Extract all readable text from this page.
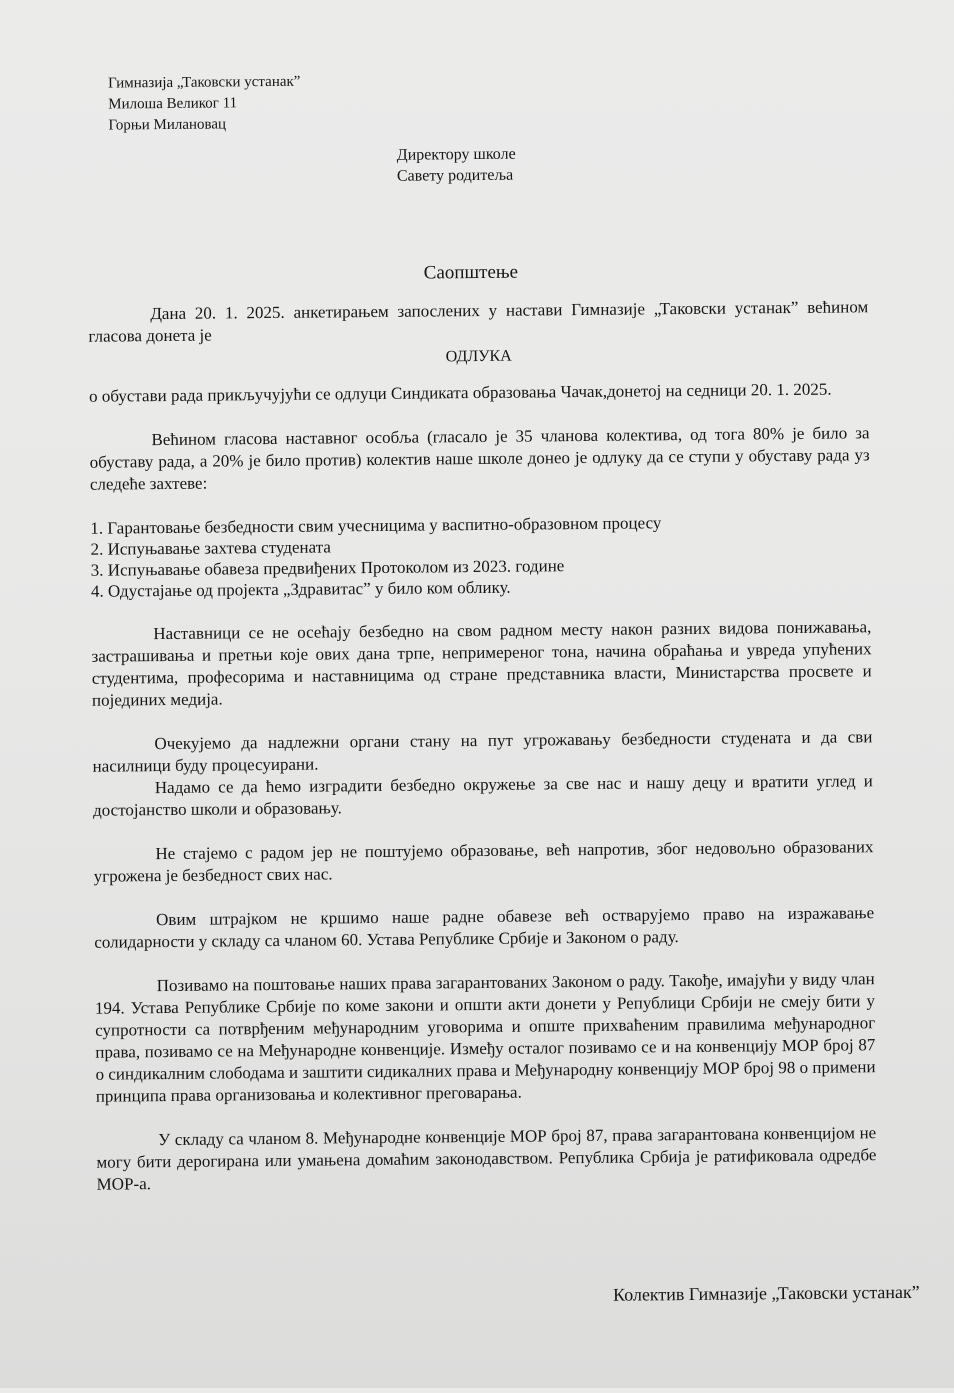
Гимназија „Таковски устанак”
Милоша Великог 11
Горњи Милановац
Директору школе
Савету родитеља
Саопштење

Дана 20. 1. 2025. анкетирањем запослених у настави Гимназије „Таковски устанак” већином гласова донета је

ОДЛУКА

о обустави рада прикључујући се одлуци Синдиката образовања Чачак,донетој на седници 20. 1. 2025.

Већином гласова наставног особља (гласало је 35 чланова колектива, од тога 80% је било за обуставу рада, а 20% је било против) колектив наше школе донео је одлуку да се ступи у обуставу рада уз следеће захтеве:

1. Гарантовање безбедности свим учесницима у васпитно-образовном процесу
2. Испуњавање захтева студената
3. Испуњавање обавеза предвиђених Протоколом из 2023. године
4. Одустајање од пројекта „Здравитас” у било ком облику.

Наставници се не осећају безбедно на свом радном месту након разних видова понижавања, застрашивања и претњи које ових дана трпе, непримереног тона, начина обраћања и увреда упућених студентима, професорима и наставницима од стране представника власти, Министарства просвете и појединих медија.

Очекујемо да надлежни органи стану на пут угрожавању безбедности студената и да сви насилници буду процесуирани.

Надамо се да ћемо изградити безбедно окружење за све нас и нашу децу и вратити углед и достојанство школи и образовању.

Не стајемо с радом јер не поштујемо образовање, већ напротив, због недовољно образованих угрожена је безбедност свих нас.

Овим штрајком не кршимо наше радне обавезе већ остварујемо право на изражавање солидарности у складу са чланом 60. Устава Републике Србије и Законом о раду.

Позивамо на поштовање наших права загарантованих Законом о раду. Такође, имајући у виду члан 194. Устава Републике Србије по коме закони и општи акти донети у Републици Србији не смеју бити у супротности са потврђеним међународним уговорима и опште прихваћеним правилима међународног права, позивамо се на Међународне конвенције. Између осталог позивамо се и на конвенцију МОР број 87 о синдикалним слободама и заштити сидикалних права и Међународну конвенцију МОР број 98 о примени принципа права организовања и колективног преговарања.

У складу са чланом 8. Међународне конвенције МОР број 87, права загарантована конвенцијом не могу бити дерогирана или умањена домаћим законодавством. Република Србија је ратификовала одредбе МОР-а.

Колектив Гимназије „Таковски устанак”
